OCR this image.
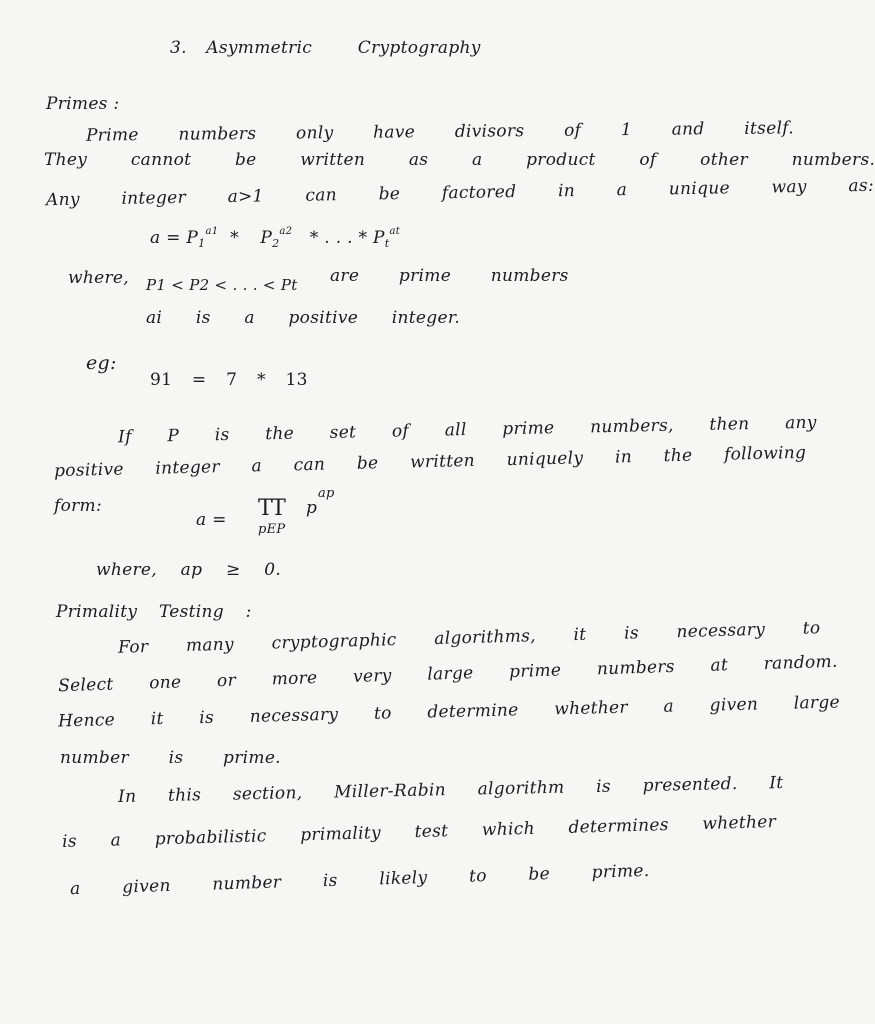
3. Asymmetric Cryptography
Primes :
Prime numbers only have divisors of 1 and itself.
They cannot be written as a product of other numbers.
Any integer a>1 can be factored in a unique way as:
$a = P_1^{a1} * P_2^{a2}$ * . . . * $P_t^{at}$
where, P1 < P2 < . . . < Pt are prime numbers
ai is a positive integer.
eg:
91 = 7 * 13
If P is the set of all prime numbers, then any
positive integer a can be written uniquely in the following
form:
a = TT
pEP
p
ap
where, ap ≥ 0.
Primality Testing :
For many cryptographic algorithms, it is necessary to
Select one or more very large prime numbers at random.
Hence it is necessary to determine whether a given large
number is prime.
In this section, Miller-Rabin algorithm is presented. It
is a probabilistic primality test which determines whether
a given number is likely to be prime.
